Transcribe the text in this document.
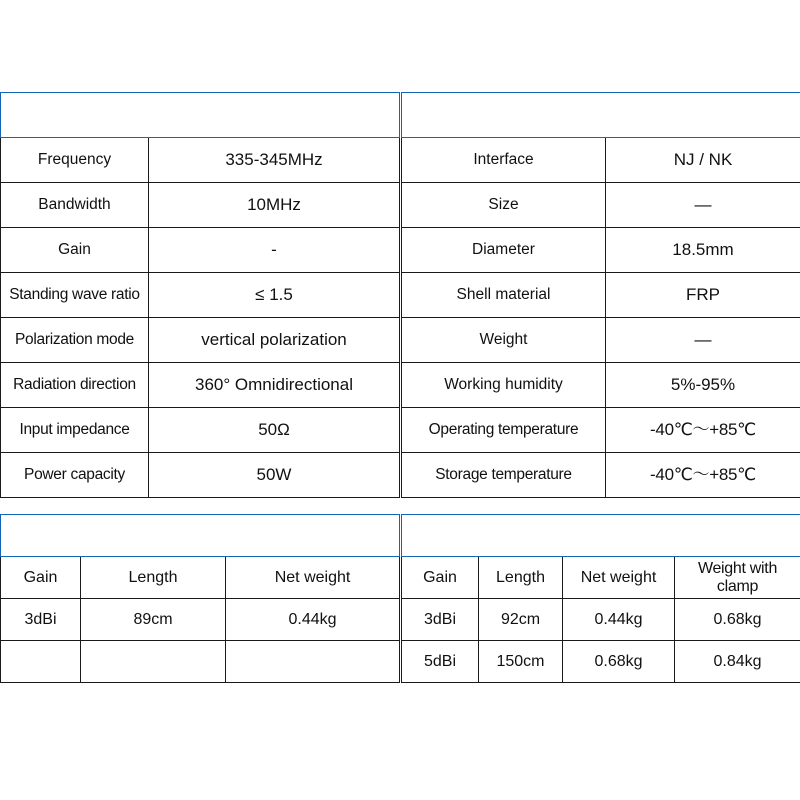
Electrical parameters	
Frequency	335-345MHz
Bandwidth	10MHz
Gain	-
Standing wave ratio	≤ 1.5
Polarization mode	vertical polarization
Radiation direction	360° Omnidirectional
Input impedance	50Ω
Power capacity	50W
Mechanical parameters	
Interface	NJ / NK
Size	—
Diameter	18.5mm
Shell material	FRP
Weight	—
Working humidity	5%-95%
Operating temperature	-40℃～+85℃
Storage temperature	-40℃～+85℃
super short head		
Gain	Length	Net weight
3dBi	89cm	0.44kg

2.4G antenna			
Gain	Length	Net weight	Weight with clamp
3dBi	92cm	0.44kg	0.68kg
5dBi	150cm	0.68kg	0.84kg
